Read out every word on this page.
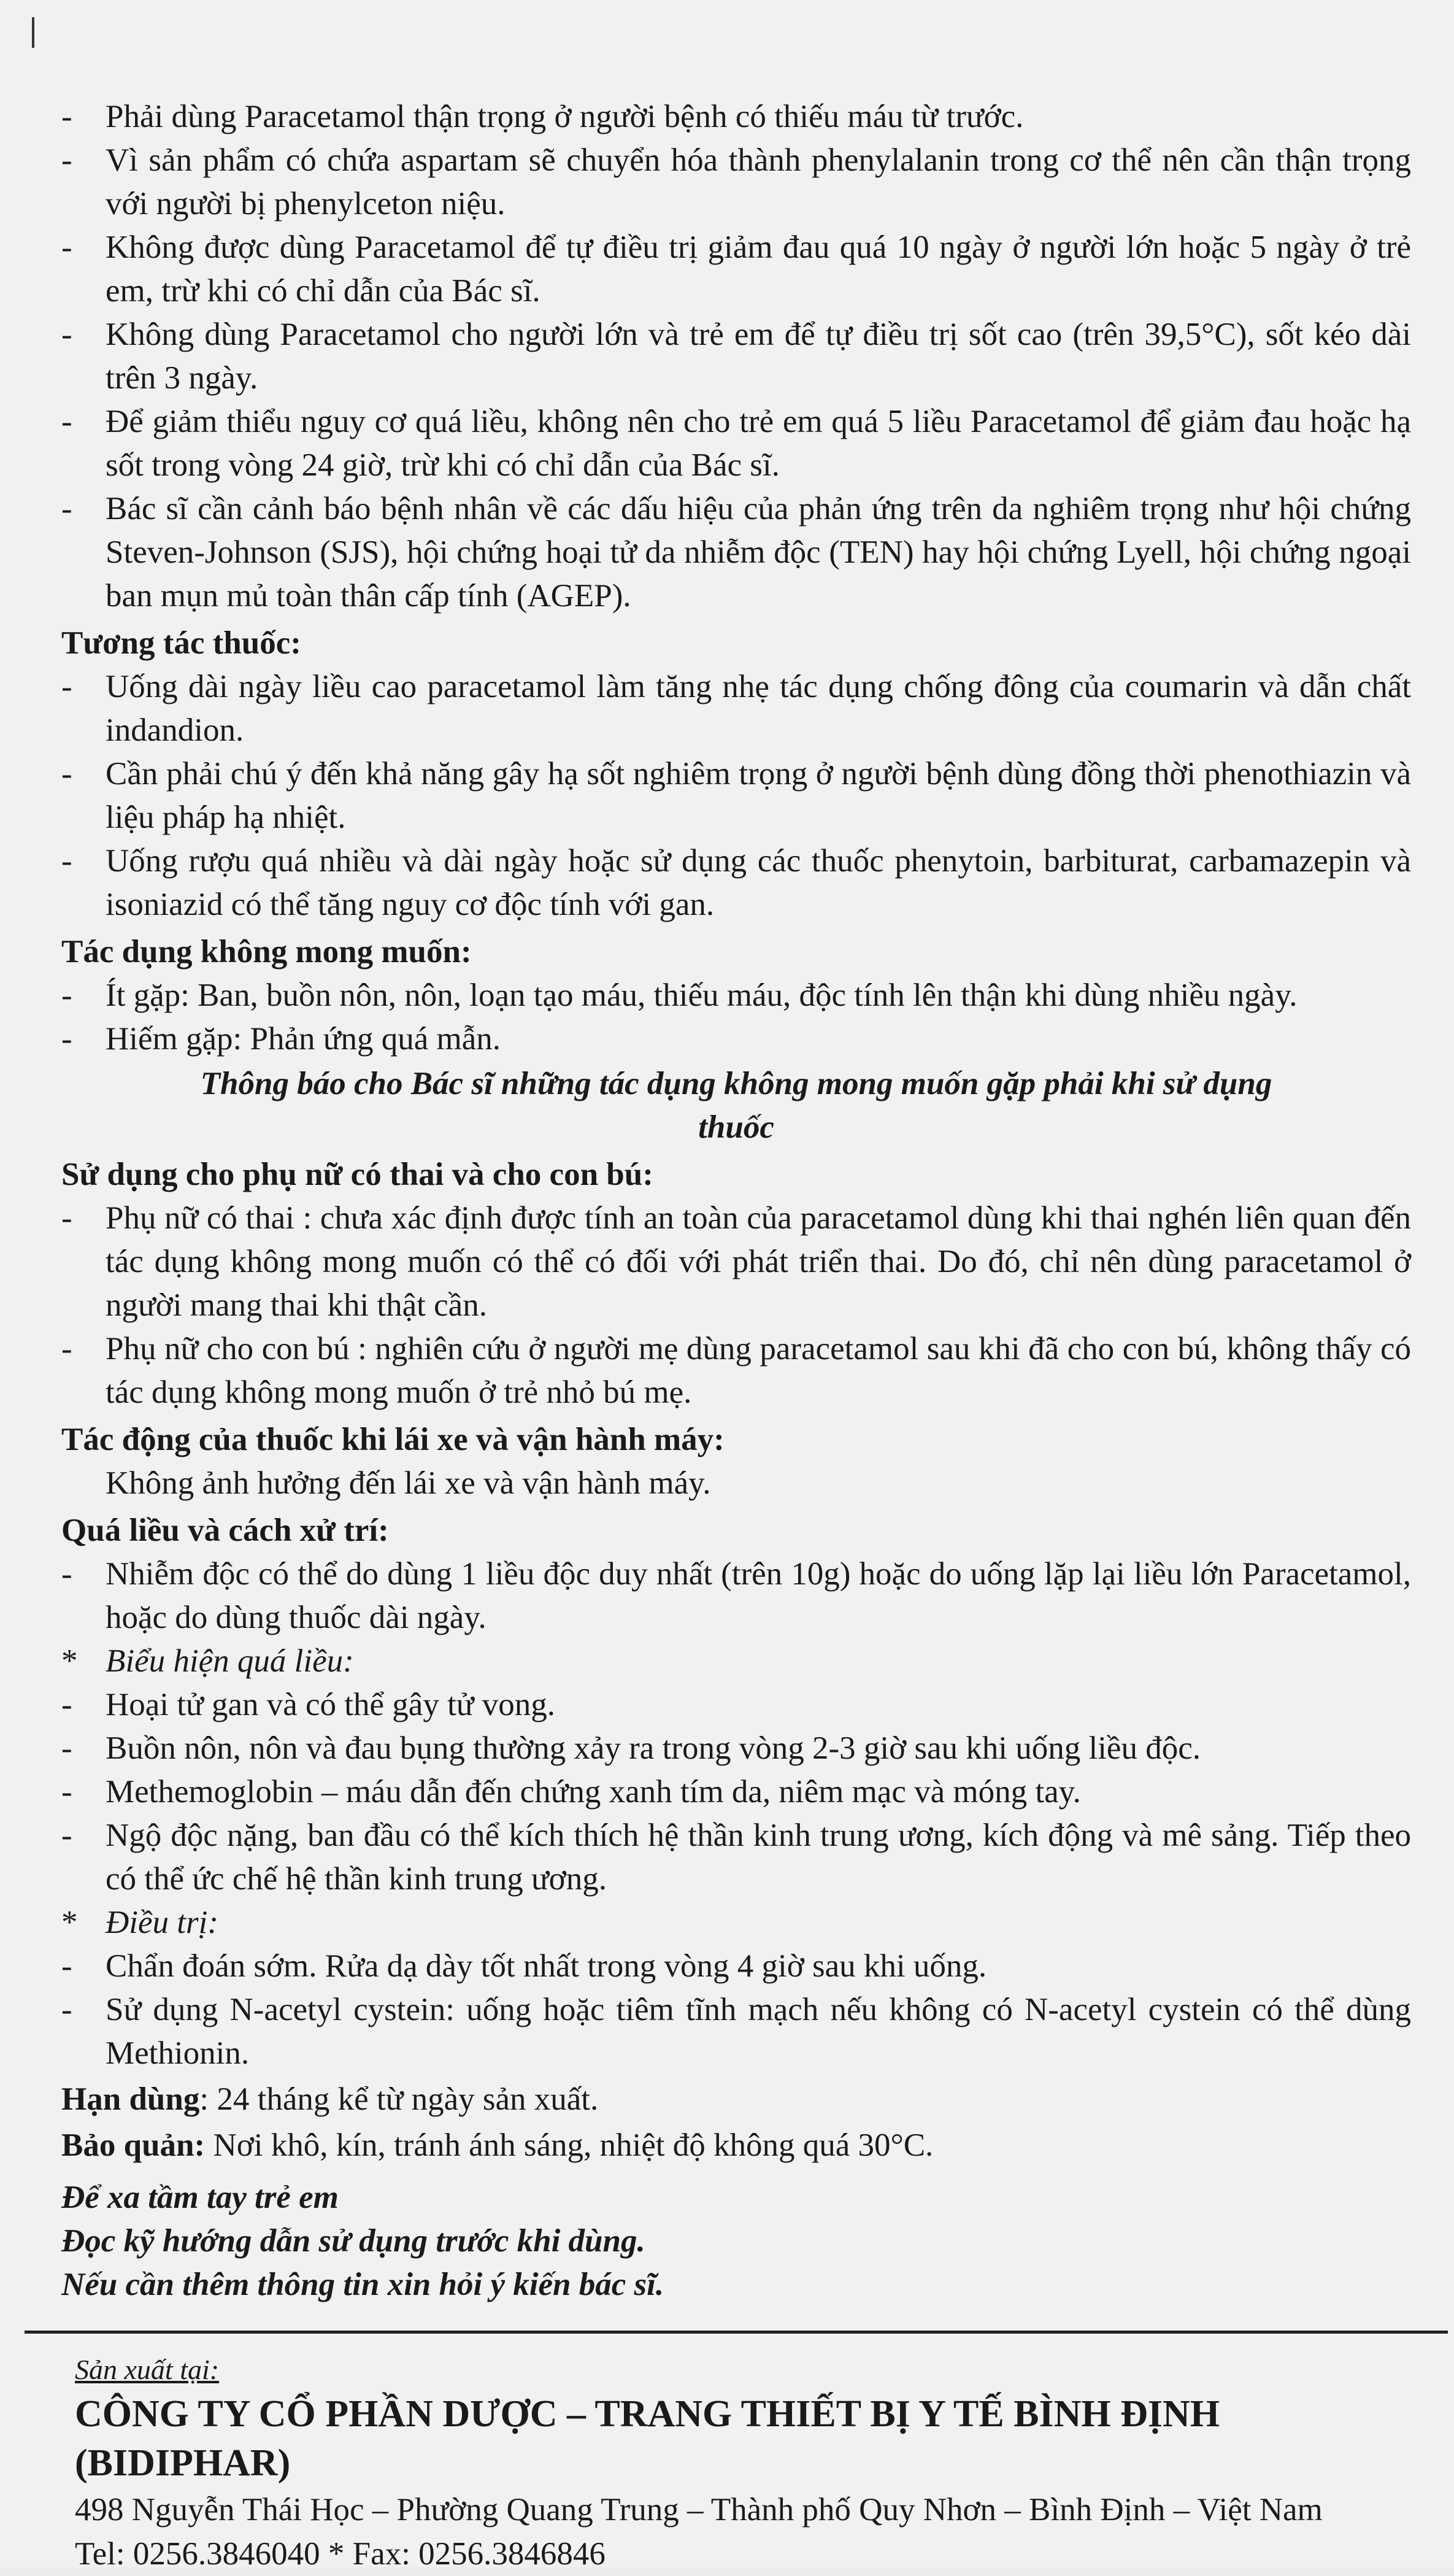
-	Phải dùng Paracetamol thận trọng ở người bệnh có thiếu máu từ trước.
-	Vì sản phẩm có chứa aspartam sẽ chuyển hóa thành phenylalanin trong cơ thể nên cần thận trọng với người bị phenylceton niệu.
-	Không được dùng Paracetamol để tự điều trị giảm đau quá 10 ngày ở người lớn hoặc 5 ngày ở trẻ em, trừ khi có chỉ dẫn của Bác sĩ.
-	Không dùng Paracetamol cho người lớn và trẻ em để tự điều trị sốt cao (trên 39,5°C), sốt kéo dài trên 3 ngày.
-	Để giảm thiểu nguy cơ quá liều, không nên cho trẻ em quá 5 liều Paracetamol để giảm đau hoặc hạ sốt trong vòng 24 giờ, trừ khi có chỉ dẫn của Bác sĩ.
-	Bác sĩ cần cảnh báo bệnh nhân về các dấu hiệu của phản ứng trên da nghiêm trọng như hội chứng Steven-Johnson (SJS), hội chứng hoại tử da nhiễm độc (TEN) hay hội chứng Lyell, hội chứng ngoại ban mụn mủ toàn thân cấp tính (AGEP).
Tương tác thuốc:
-	Uống dài ngày liều cao paracetamol làm tăng nhẹ tác dụng chống đông của coumarin và dẫn chất indandion.
-	Cần phải chú ý đến khả năng gây hạ sốt nghiêm trọng ở người bệnh dùng đồng thời phenothiazin và liệu pháp hạ nhiệt.
-	Uống rượu quá nhiều và dài ngày hoặc sử dụng các thuốc phenytoin, barbiturat, carbamazepin và isoniazid có thể tăng nguy cơ độc tính với gan.
Tác dụng không mong muốn:
-	Ít gặp: Ban, buồn nôn, nôn, loạn tạo máu, thiếu máu, độc tính lên thận khi dùng nhiều ngày.
-	Hiếm gặp: Phản ứng quá mẫn.
Thông báo cho Bác sĩ những tác dụng không mong muốn gặp phải khi sử dụng thuốc
Sử dụng cho phụ nữ có thai và cho con bú:
-	Phụ nữ có thai : chưa xác định được tính an toàn của paracetamol dùng khi thai nghén liên quan đến tác dụng không mong muốn có thể có đối với phát triển thai. Do đó, chỉ nên dùng paracetamol ở người mang thai khi thật cần.
-	Phụ nữ cho con bú : nghiên cứu ở người mẹ dùng paracetamol sau khi đã cho con bú, không thấy có tác dụng không mong muốn ở trẻ nhỏ bú mẹ.
Tác động của thuốc khi lái xe và vận hành máy:
Không ảnh hưởng đến lái xe và vận hành máy.
Quá liều và cách xử trí:
-	Nhiễm độc có thể do dùng 1 liều độc duy nhất (trên 10g) hoặc do uống lặp lại liều lớn Paracetamol, hoặc do dùng thuốc dài ngày.
* Biểu hiện quá liều:
-	Hoại tử gan và có thể gây tử vong.
-	Buồn nôn, nôn và đau bụng thường xảy ra trong vòng 2-3 giờ sau khi uống liều độc.
-	Methemoglobin – máu dẫn đến chứng xanh tím da, niêm mạc và móng tay.
-	Ngộ độc nặng, ban đầu có thể kích thích hệ thần kinh trung ương, kích động và mê sảng. Tiếp theo có thể ức chế hệ thần kinh trung ương.
* Điều trị:
-	Chẩn đoán sớm. Rửa dạ dày tốt nhất trong vòng 4 giờ sau khi uống.
-	Sử dụng N-acetyl cystein: uống hoặc tiêm tĩnh mạch nếu không có N-acetyl cystein có thể dùng Methionin.
Hạn dùng: 24 tháng kể từ ngày sản xuất.
Bảo quản: Nơi khô, kín, tránh ánh sáng, nhiệt độ không quá 30°C.
Để xa tầm tay trẻ em
Đọc kỹ hướng dẫn sử dụng trước khi dùng.
Nếu cần thêm thông tin xin hỏi ý kiến bác sĩ.
Sản xuất tại:
CÔNG TY CỔ PHẦN DƯỢC – TRANG THIẾT BỊ Y TẾ BÌNH ĐỊNH (BIDIPHAR)
498 Nguyễn Thái Học – Phường Quang Trung – Thành phố Quy Nhơn – Bình Định – Việt Nam
Tel: 0256.3846040 * Fax: 0256.3846846
